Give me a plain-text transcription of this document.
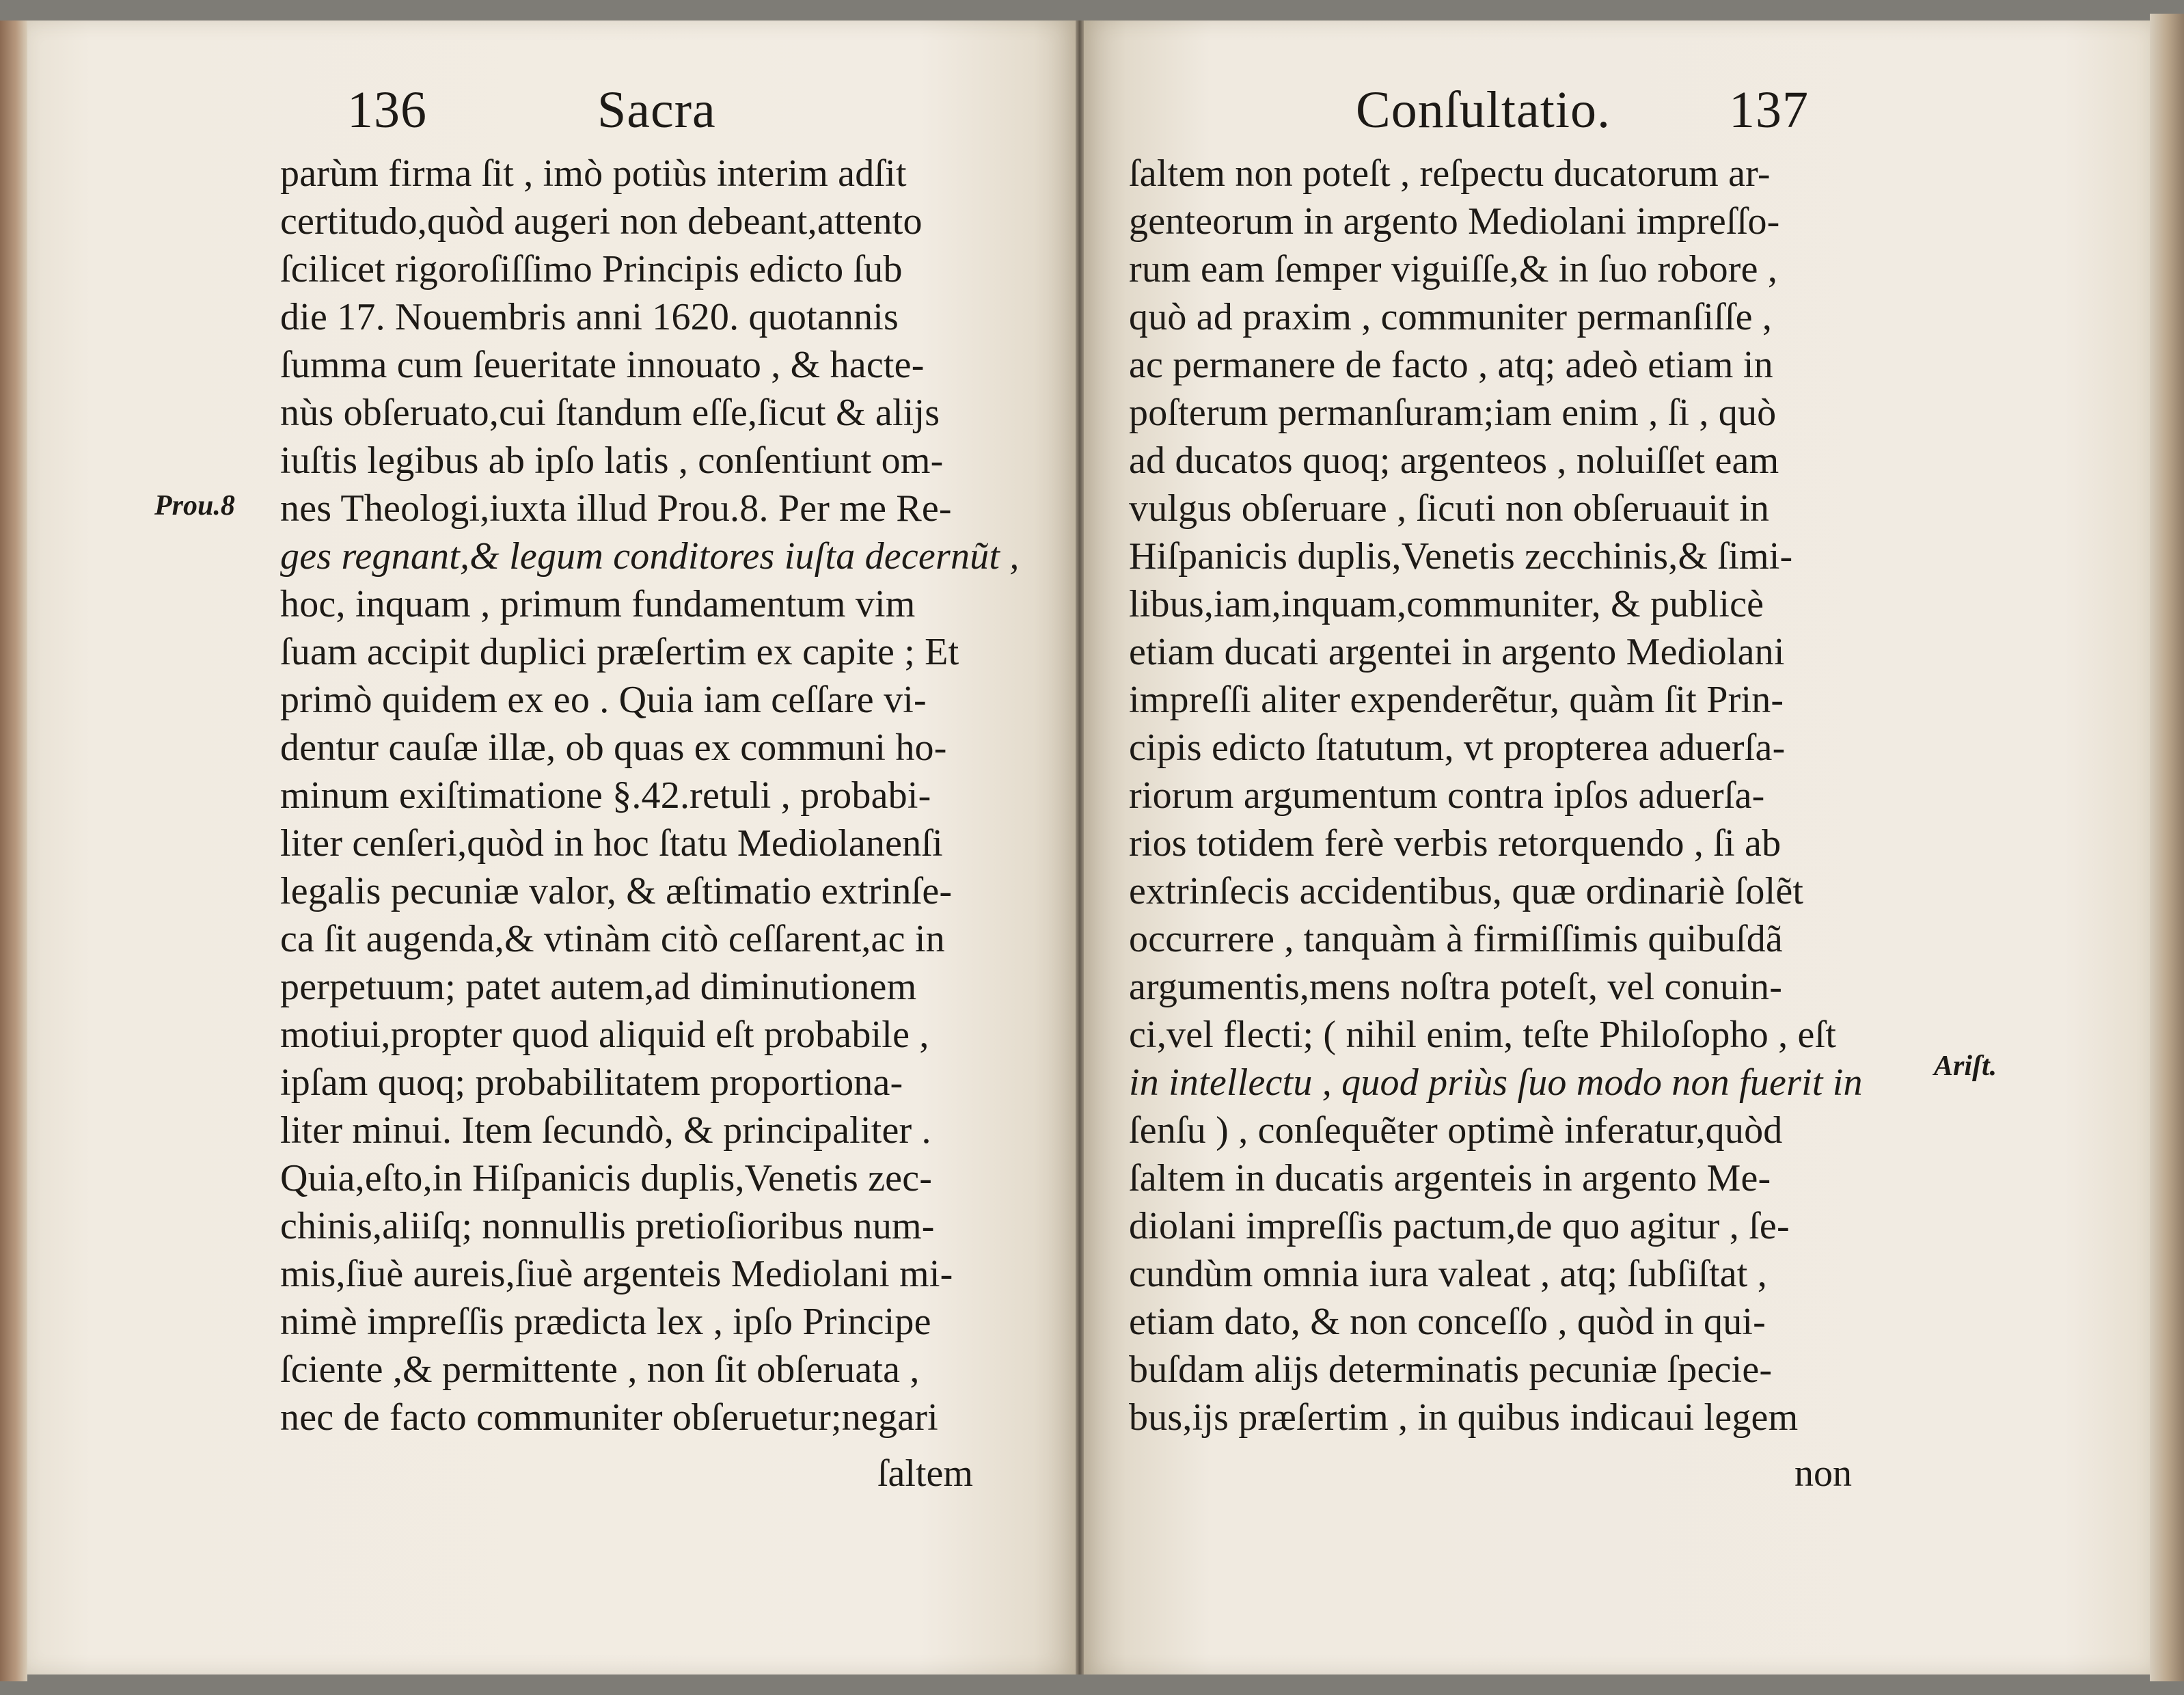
136	Sacra
Prou.8
parùm firma ſit , imò potiùs interim adſit
certitudo,quòd augeri non debeant,attento
ſcilicet rigoroſiſſimo Principis edicto ſub
die 17. Nouembris anni 1620. quotannis
ſumma cum ſeueritate innouato , & hacte-
nùs obſeruato,cui ſtandum eſſe,ſicut & alijs
iuſtis legibus ab ipſo latis , conſentiunt om-
nes Theologi,iuxta illud Prou.8. Per me Re-
ges regnant,& legum conditores iuſta decernũt ,
hoc, inquam , primum fundamentum vim
ſuam accipit duplici præſertim ex capite ; Et
primò quidem ex eo . Quia iam ceſſare vi-
dentur cauſæ illæ, ob quas ex communi ho-
minum exiſtimatione §.42.retuli , probabi-
liter cenſeri,quòd in hoc ſtatu Mediolanenſi
legalis pecuniæ valor, & æſtimatio extrinſe-
ca ſit augenda,& vtinàm citò ceſſarent,ac in
perpetuum; patet autem,ad diminutionem
motiui,propter quod aliquid eſt probabile ,
ipſam quoq; probabilitatem proportiona-
liter minui. Item ſecundò, & principaliter .
Quia,eſto,in Hiſpanicis duplis,Venetis zec-
chinis,aliiſq; nonnullis pretioſioribus num-
mis,ſiuè aureis,ſiuè argenteis Mediolani mi-
nimè impreſſis prædicta lex , ipſo Principe
ſciente ,& permittente , non ſit obſeruata ,
nec de facto communiter obſeruetur;negari
ſaltem
Conſultatio. 137
Ariſt.
ſaltem non poteſt , reſpectu ducatorum ar-
genteorum in argento Mediolani impreſſo-
rum eam ſemper viguiſſe,& in ſuo robore ,
quò ad praxim , communiter permanſiſſe ,
ac permanere de facto , atq; adeò etiam in
poſterum permanſuram;iam enim , ſi , quò
ad ducatos quoq; argenteos , noluiſſet eam
vulgus obſeruare , ſicuti non obſeruauit in
Hiſpanicis duplis,Venetis zecchinis,& ſimi-
libus,iam,inquam,communiter, & publicè
etiam ducati argentei in argento Mediolani
impreſſi aliter expenderẽtur, quàm ſit Prin-
cipis edicto ſtatutum, vt propterea aduerſa-
riorum argumentum contra ipſos aduerſa-
rios totidem ferè verbis retorquendo , ſi ab
extrinſecis accidentibus, quæ ordinariè ſolẽt
occurrere , tanquàm à firmiſſimis quibuſdã
argumentis,mens noſtra poteſt, vel conuin-
ci,vel flecti; ( nihil enim, teſte Philoſopho , eſt
in intellectu , quod priùs ſuo modo non fuerit in
ſenſu ) , conſequẽter optimè inferatur,quòd
ſaltem in ducatis argenteis in argento Me-
diolani impreſſis pactum,de quo agitur , ſe-
cundùm omnia iura valeat , atq; ſubſiſtat ,
etiam dato, & non conceſſo , quòd in qui-
buſdam alijs determinatis pecuniæ ſpecie-
bus,ijs præſertim , in quibus indicaui legem
non
